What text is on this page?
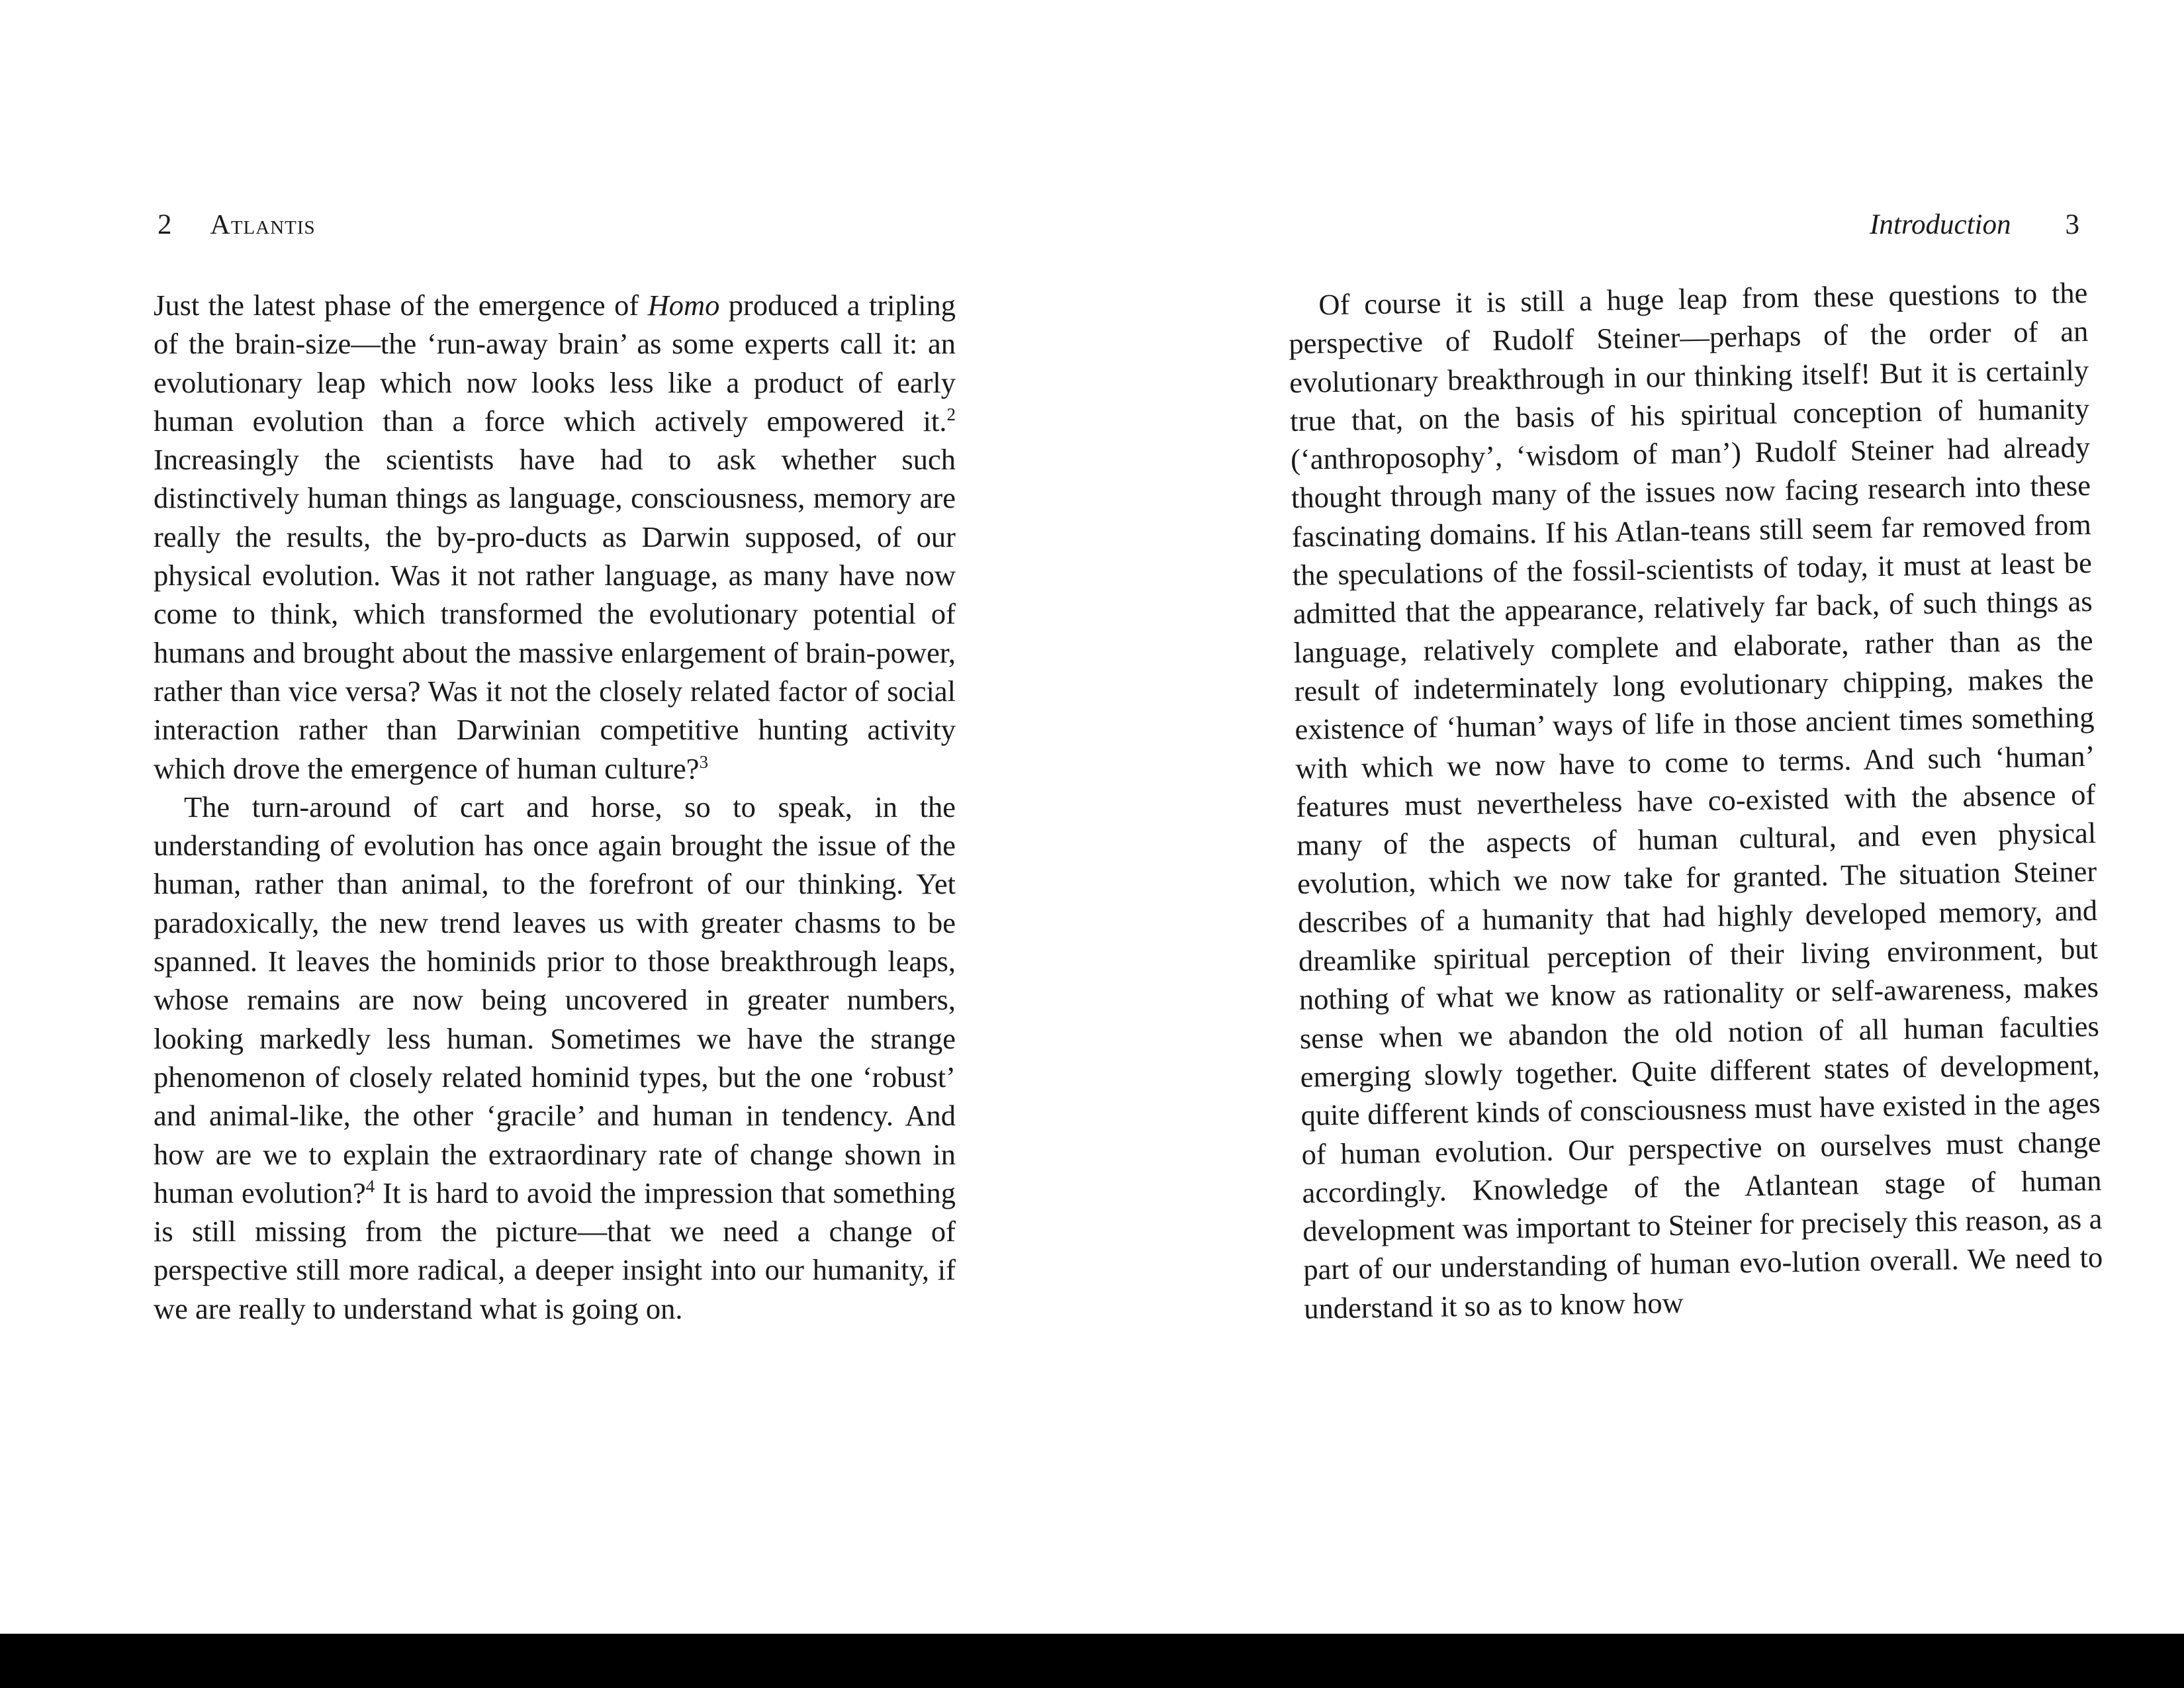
2 Atlantis	Introduction 3

Just the latest phase of the emergence of Homo produced a tripling of the brain-size—the ‘run-away brain’ as some experts call it: an evolutionary leap which now looks less like a product of early human evolution than a force which actively empowered it.$^2$ Increasingly the scientists have had to ask whether such distinctively human things as language, consciousness, memory are really the results, the by-pro-ducts as Darwin supposed, of our physical evolution. Was it not rather language, as many have now come to think, which transformed the evolutionary potential of humans and brought about the massive enlargement of brain-power, rather than vice versa? Was it not the closely related factor of social interaction rather than Darwinian competitive hunting activity which drove the emergence of human culture?$^3$

The turn-around of cart and horse, so to speak, in the understanding of evolution has once again brought the issue of the human, rather than animal, to the forefront of our thinking. Yet paradoxically, the new trend leaves us with greater chasms to be spanned. It leaves the hominids prior to those breakthrough leaps, whose remains are now being uncovered in greater numbers, looking markedly less human. Sometimes we have the strange phenomenon of closely related hominid types, but the one ‘robust’ and animal-like, the other ‘gracile’ and human in tendency. And how are we to explain the extraordinary rate of change shown in human evolution?$^4$ It is hard to avoid the impression that something is still missing from the picture—that we need a change of perspective still more radical, a deeper insight into our humanity, if we are really to understand what is going on.

Of course it is still a huge leap from these questions to the perspective of Rudolf Steiner—perhaps of the order of an evolutionary breakthrough in our thinking itself! But it is certainly true that, on the basis of his spiritual conception of humanity (‘anthroposophy’, ‘wisdom of man’) Rudolf Steiner had already thought through many of the issues now facing research into these fascinating domains. If his Atlan-teans still seem far removed from the speculations of the fossil-scientists of today, it must at least be admitted that the appearance, relatively far back, of such things as language, relatively complete and elaborate, rather than as the result of indeterminately long evolutionary chipping, makes the existence of ‘human’ ways of life in those ancient times something with which we now have to come to terms. And such ‘human’ features must nevertheless have co-existed with the absence of many of the aspects of human cultural, and even physical evolution, which we now take for granted. The situation Steiner describes of a humanity that had highly developed memory, and dreamlike spiritual perception of their living environment, but nothing of what we know as rationality or self-awareness, makes sense when we abandon the old notion of all human faculties emerging slowly together. Quite different states of development, quite different kinds of consciousness must have existed in the ages of human evolution. Our perspective on ourselves must change accordingly. Knowledge of the Atlantean stage of human development was important to Steiner for precisely this reason, as a part of our understanding of human evo-lution overall. We need to understand it so as to know how
